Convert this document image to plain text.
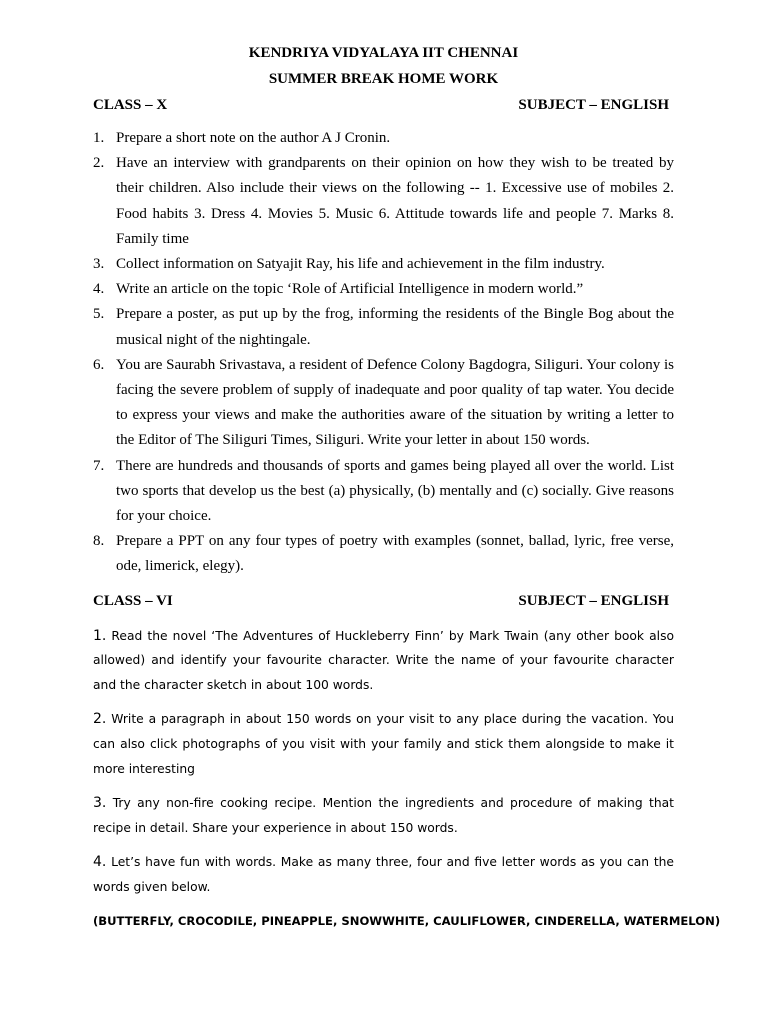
KENDRIYA VIDYALAYA IIT CHENNAI
SUMMER BREAK HOME WORK
CLASS – X	SUBJECT – ENGLISH
1. Prepare a short note on the author A J Cronin.
2. Have an interview with grandparents on their opinion on how they wish to be treated by their children. Also include their views on the following -- 1. Excessive use of mobiles 2. Food habits 3. Dress 4. Movies 5. Music 6. Attitude towards life and people 7. Marks 8. Family time
3. Collect information on Satyajit Ray, his life and achievement in the film industry.
4. Write an article on the topic ‘Role of Artificial Intelligence in modern world.”
5. Prepare a poster, as put up by the frog, informing the residents of the Bingle Bog about the musical night of the nightingale.
6. You are Saurabh Srivastava, a resident of Defence Colony Bagdogra, Siliguri. Your colony is facing the severe problem of supply of inadequate and poor quality of tap water. You decide to express your views and make the authorities aware of the situation by writing a letter to the Editor of The Siliguri Times, Siliguri. Write your letter in about 150 words.
7. There are hundreds and thousands of sports and games being played all over the world. List two sports that develop us the best (a) physically, (b) mentally and (c) socially. Give reasons for your choice.
8. Prepare a PPT on any four types of poetry with examples (sonnet, ballad, lyric, free verse, ode, limerick, elegy).
CLASS – VI	SUBJECT – ENGLISH
1. Read the novel ‘The Adventures of Huckleberry Finn’ by Mark Twain (any other book also allowed) and identify your favourite character. Write the name of your favourite character and the character sketch in about 100 words.
2. Write a paragraph in about 150 words on your visit to any place during the vacation. You can also click photographs of you visit with your family and stick them alongside to make it more interesting
3. Try any non-fire cooking recipe. Mention the ingredients and procedure of making that recipe in detail. Share your experience in about 150 words.
4. Let’s have fun with words. Make as many three, four and five letter words as you can the words given below.
(BUTTERFLY, CROCODILE, PINEAPPLE, SNOWWHITE, CAULIFLOWER, CINDERELLA, WATERMELON)
